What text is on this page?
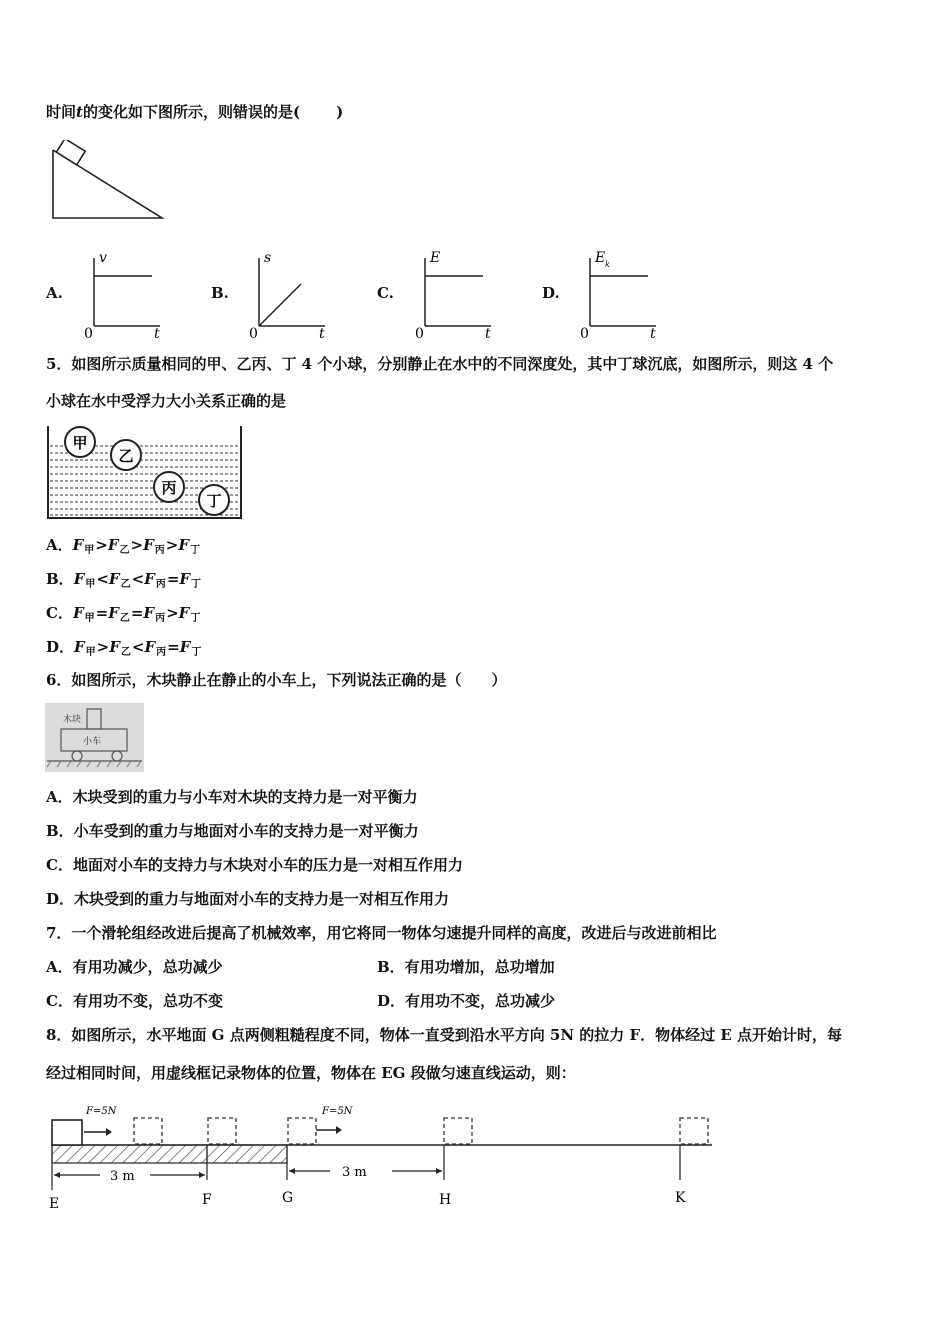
时间t的变化如下图所示，则错误的是( )
A.
v
0	t
B.
s
0	t
C.
E
0	t
D.
E k
0	t
5．如图所示质量相同的甲、乙丙、丁 4 个小球，分别静止在水中的不同深度处，其中丁球沉底，如图所示，则这 4 个
小球在水中受浮力大小关系正确的是
甲
乙
丙
丁
A．$F_甲>F_乙>F_丙>F_丁$
B．$F_甲<F_乙<F_丙=F_丁$
C．$F_甲=F_乙=F_丙>F_丁$
D．$F_甲>F_乙<F_丙=F_丁$
6．如图所示，木块静止在静止的小车上，下列说法正确的是（　　）
木块
小车
A．木块受到的重力与小车对木块的支持力是一对平衡力
B．小车受到的重力与地面对小车的支持力是一对平衡力
C．地面对小车的支持力与木块对小车的压力是一对相互作用力
D．木块受到的重力与地面对小车的支持力是一对相互作用力
7．一个滑轮组经改进后提高了机械效率，用它将同一物体匀速提升同样的高度，改进后与改进前相比
A．有用功减少，总功减少	B．有用功增加，总功增加
C．有用功不变，总功不变	D．有用功不变，总功减少
8．如图所示，水平地面 G 点两侧粗糙程度不同，物体一直受到沿水平方向 5N 的拉力 F．物体经过 E 点开始计时，每
经过相同时间，用虚线框记录物体的位置，物体在 EG 段做匀速直线运动，则：
F=5N	F=5N
3 m	3 m
E	F	G	H	K
